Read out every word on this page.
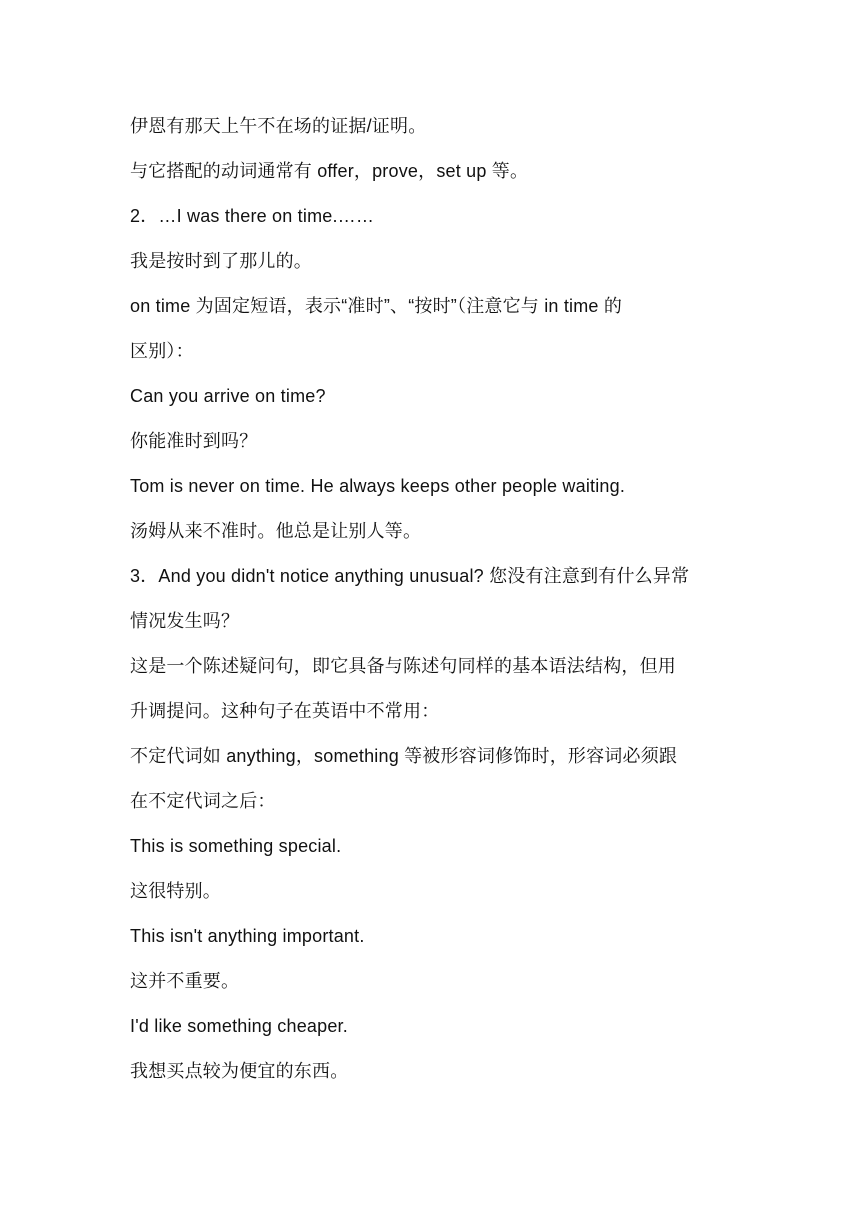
伊恩有那天上午不在场的证据/证明。
与它搭配的动词通常有 offer，prove，set up 等。
2．…I was there on time.……
我是按时到了那儿的。
on time 为固定短语，表示“准时”、“按时”（注意它与 in time 的
区别）：
Can you arrive on time?
你能准时到吗？
Tom is never on time. He always keeps other people waiting.
汤姆从来不准时。他总是让别人等。
3．And you didn't notice anything unusual? 您没有注意到有什么异常
情况发生吗？
这是一个陈述疑问句，即它具备与陈述句同样的基本语法结构，但用
升调提问。这种句子在英语中不常用：
不定代词如 anything，something 等被形容词修饰时，形容词必须跟
在不定代词之后：
This is something special.
这很特别。
This isn't anything important.
这并不重要。
I'd like something cheaper.
我想买点较为便宜的东西。
